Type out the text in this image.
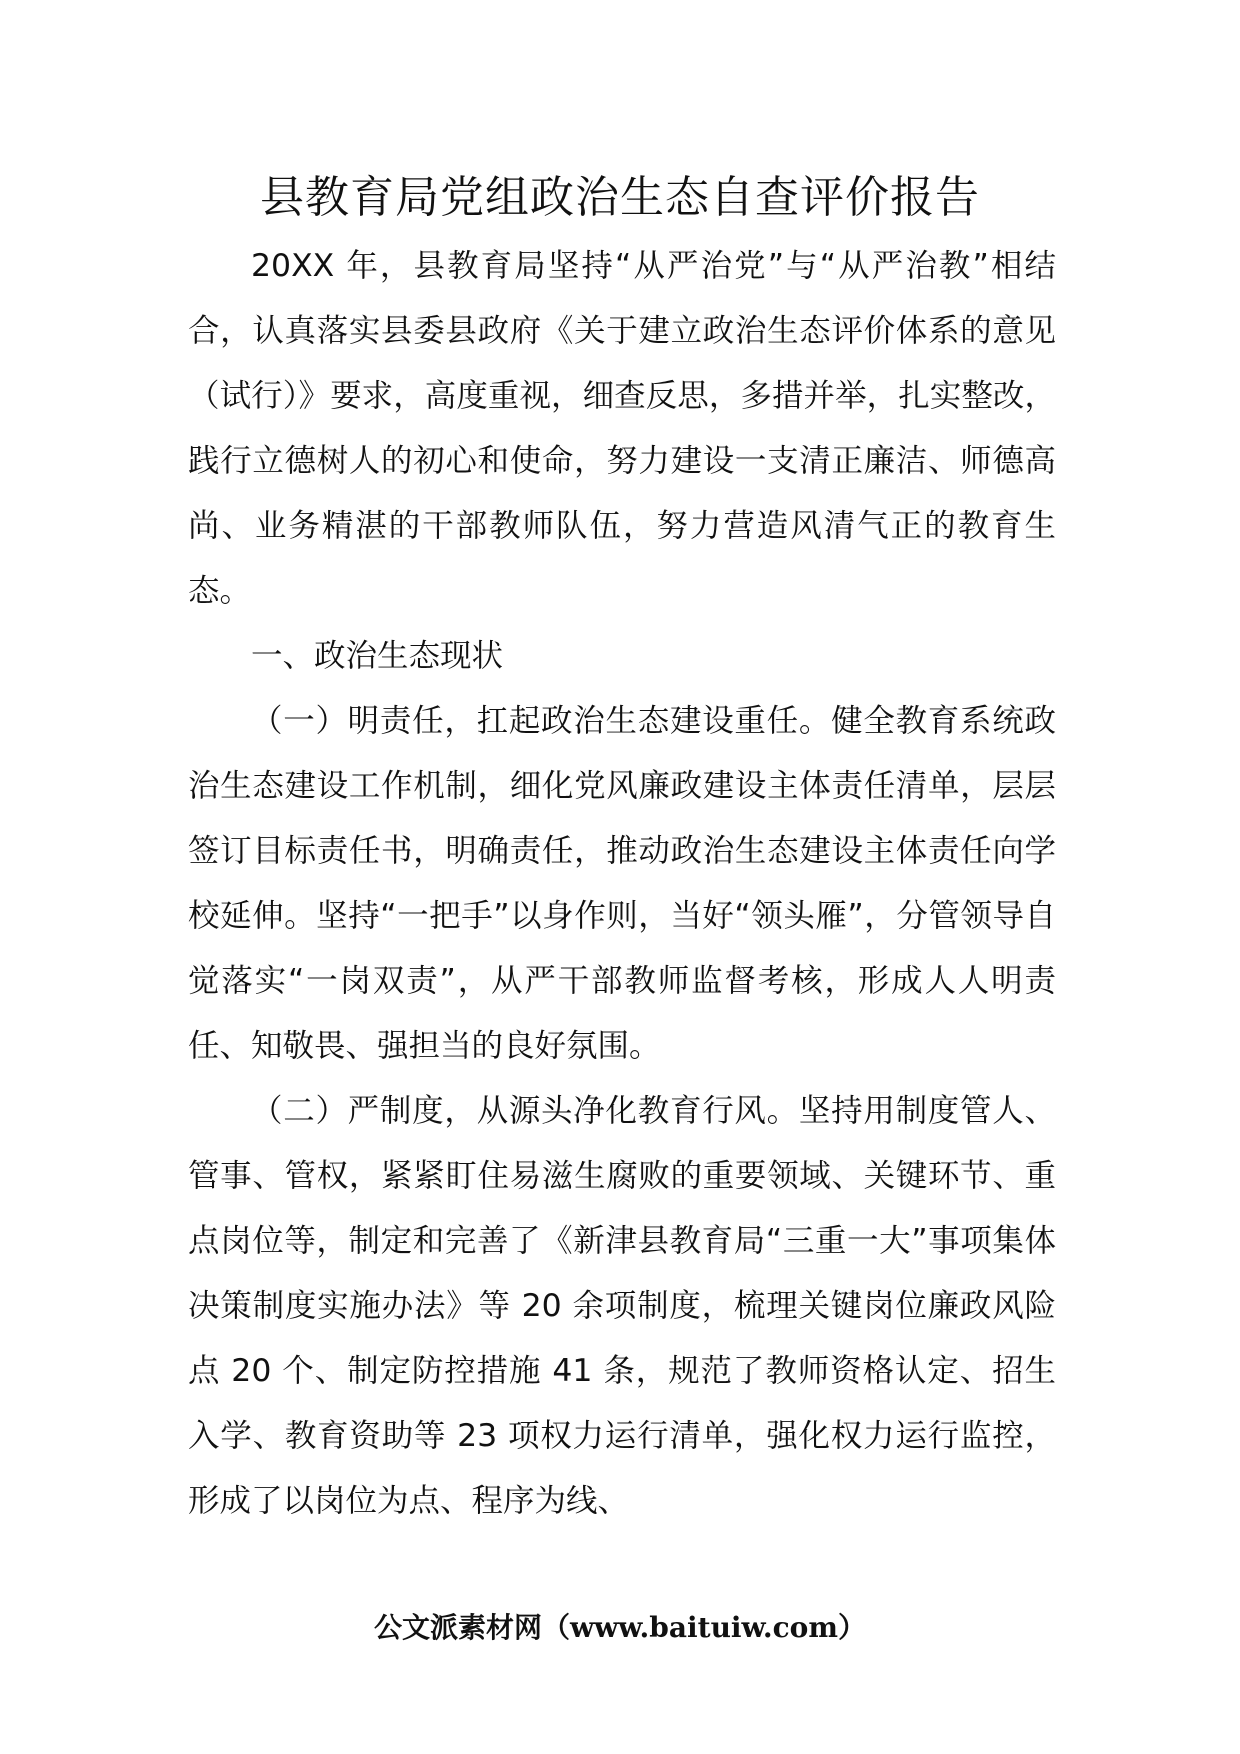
县教育局党组政治生态自查评价报告

20XX 年，县教育局坚持“从严治党”与“从严治教”相结合，认真落实县委县政府《关于建立政治生态评价体系的意见（试行）》要求，高度重视，细查反思，多措并举，扎实整改，践行立德树人的初心和使命，努力建设一支清正廉洁、师德高尚、业务精湛的干部教师队伍，努力营造风清气正的教育生态。

一、政治生态现状

（一）明责任，扛起政治生态建设重任。健全教育系统政治生态建设工作机制，细化党风廉政建设主体责任清单，层层签订目标责任书，明确责任，推动政治生态建设主体责任向学校延伸。坚持“一把手”以身作则，当好“领头雁”，分管领导自觉落实“一岗双责”，从严干部教师监督考核，形成人人明责任、知敬畏、强担当的良好氛围。

（二）严制度，从源头净化教育行风。坚持用制度管人、管事、管权，紧紧盯住易滋生腐败的重要领域、关键环节、重点岗位等，制定和完善了《新津县教育局“三重一大”事项集体决策制度实施办法》等 20 余项制度，梳理关键岗位廉政风险点 20 个、制定防控措施 41 条，规范了教师资格认定、招生入学、教育资助等 23 项权力运行清单，强化权力运行监控，形成了以岗位为点、程序为线、

公文派素材网（www.baituiw.com）
